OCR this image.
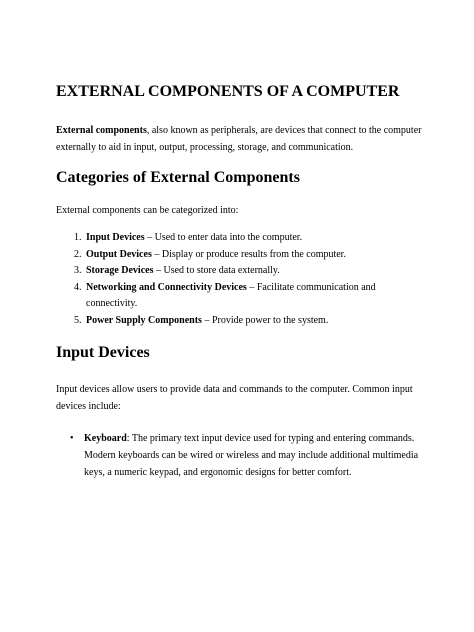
EXTERNAL COMPONENTS OF A COMPUTER

External components, also known as peripherals, are devices that connect to the computer externally to aid in input, output, processing, storage, and communication.

Categories of External Components

External components can be categorized into:

1. Input Devices – Used to enter data into the computer.
2. Output Devices – Display or produce results from the computer.
3. Storage Devices – Used to store data externally.
4. Networking and Connectivity Devices – Facilitate communication and connectivity.
5. Power Supply Components – Provide power to the system.
Input Devices

Input devices allow users to provide data and commands to the computer. Common input devices include:

• Keyboard: The primary text input device used for typing and entering commands. Modern keyboards can be wired or wireless and may include additional multimedia keys, a numeric keypad, and ergonomic designs for better comfort.
